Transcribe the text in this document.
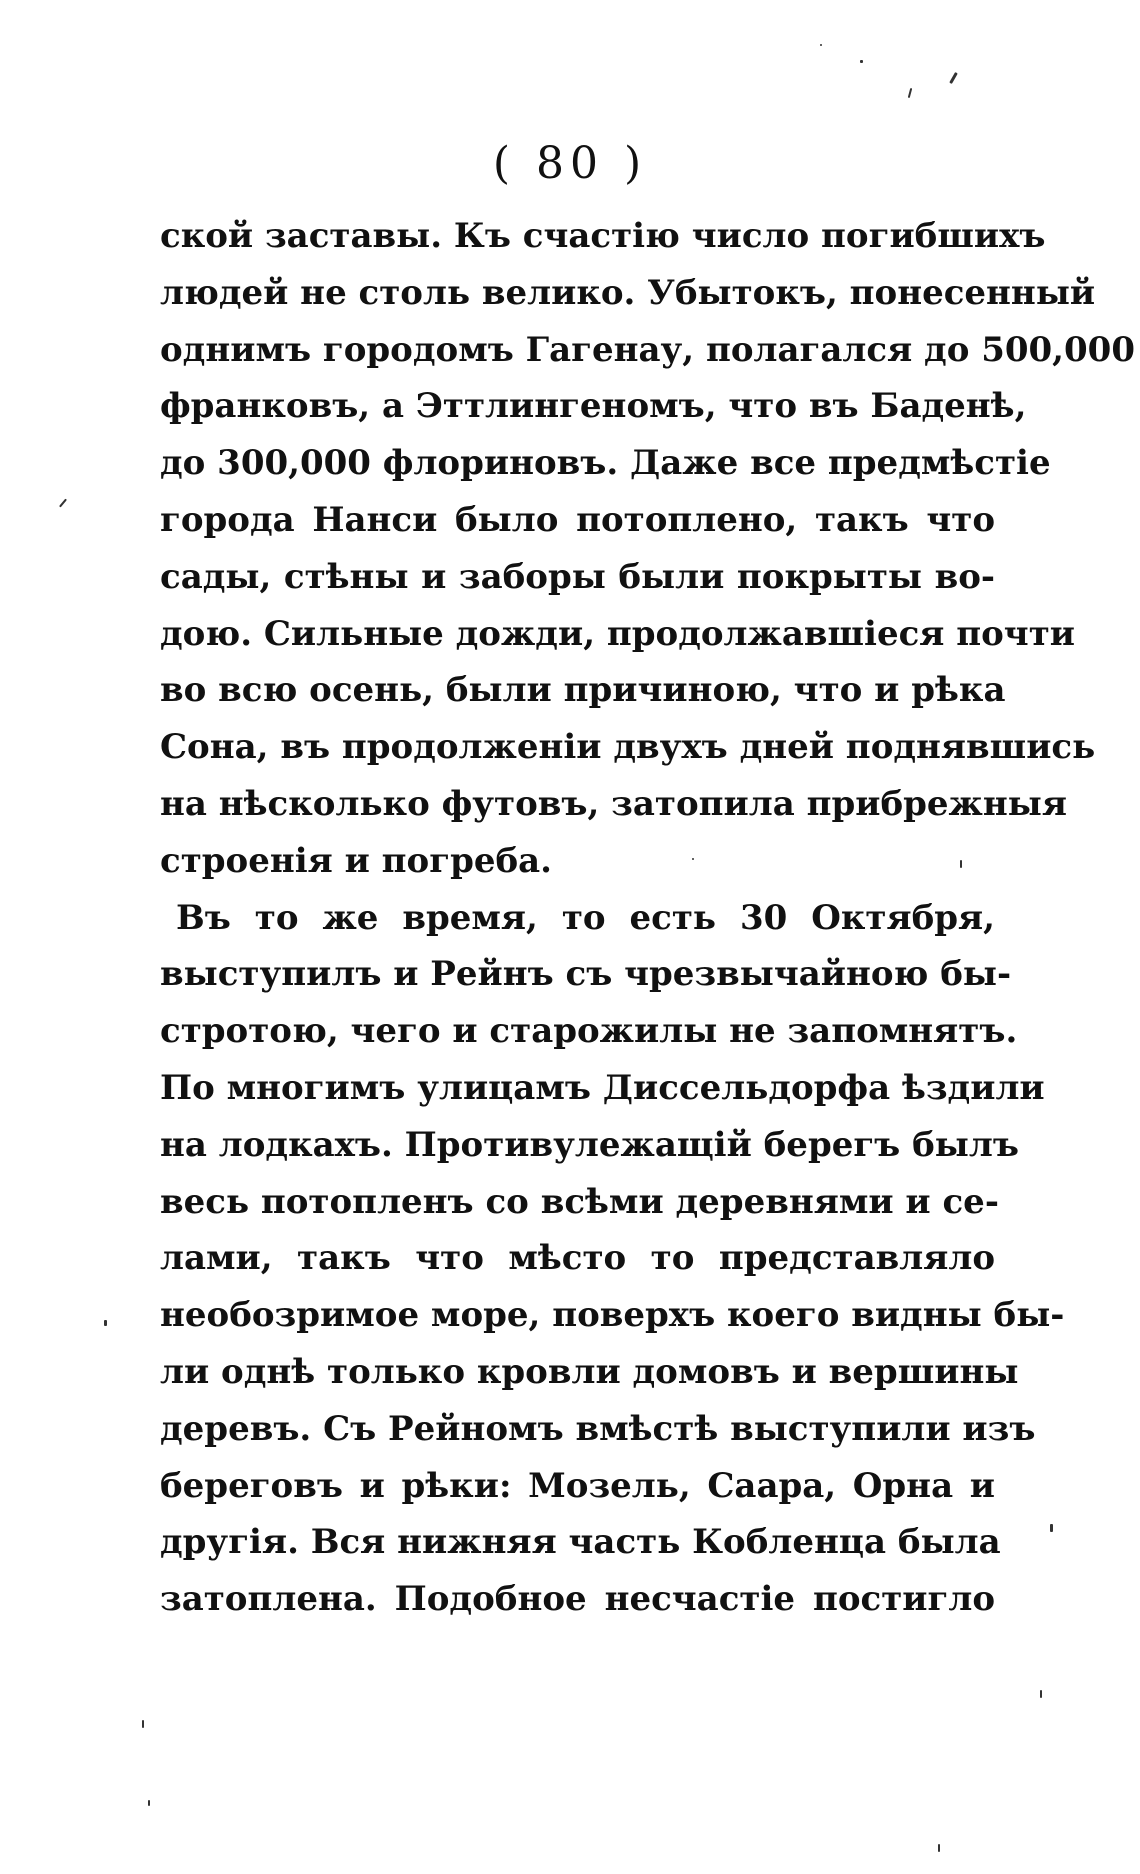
( 80 )
ской заставы. Къ счастію число погибшихъ
людей не столь велико. Убытокъ, понесенный
однимъ городомъ Гагенау, полагался до 500,000
франковъ, а Эттлингеномъ, что въ Баденѣ,
до 300,000 флориновъ. Даже все предмѣстіе
города Нанси было потоплено, такъ что
сады, стѣны и заборы были покрыты во-
дою. Сильные дожди, продолжавшіеся почти
во всю осень, были причиною, что и рѣка
Сона, въ продолженіи двухъ дней поднявшись
на нѣсколько футовъ, затопила прибрежныя
строенія и погреба.
Въ то же время, то есть 30 Октября,
выступилъ и Рейнъ съ чрезвычайною бы-
стротою, чего и старожилы не запомнятъ.
По многимъ улицамъ Диссельдорфа ѣздили
на лодкахъ. Противулежащій берегъ былъ
весь потопленъ со всѣми деревнями и се-
лами, такъ что мѣсто то представляло
необозримое море, поверхъ коего видны бы-
ли однѣ только кровли домовъ и вершины
деревъ. Съ Рейномъ вмѣстѣ выступили изъ
береговъ и рѣки: Мозель, Саара, Орна и
другія. Вся нижняя часть Кобленца была
затоплена. Подобное несчастіе постигло
